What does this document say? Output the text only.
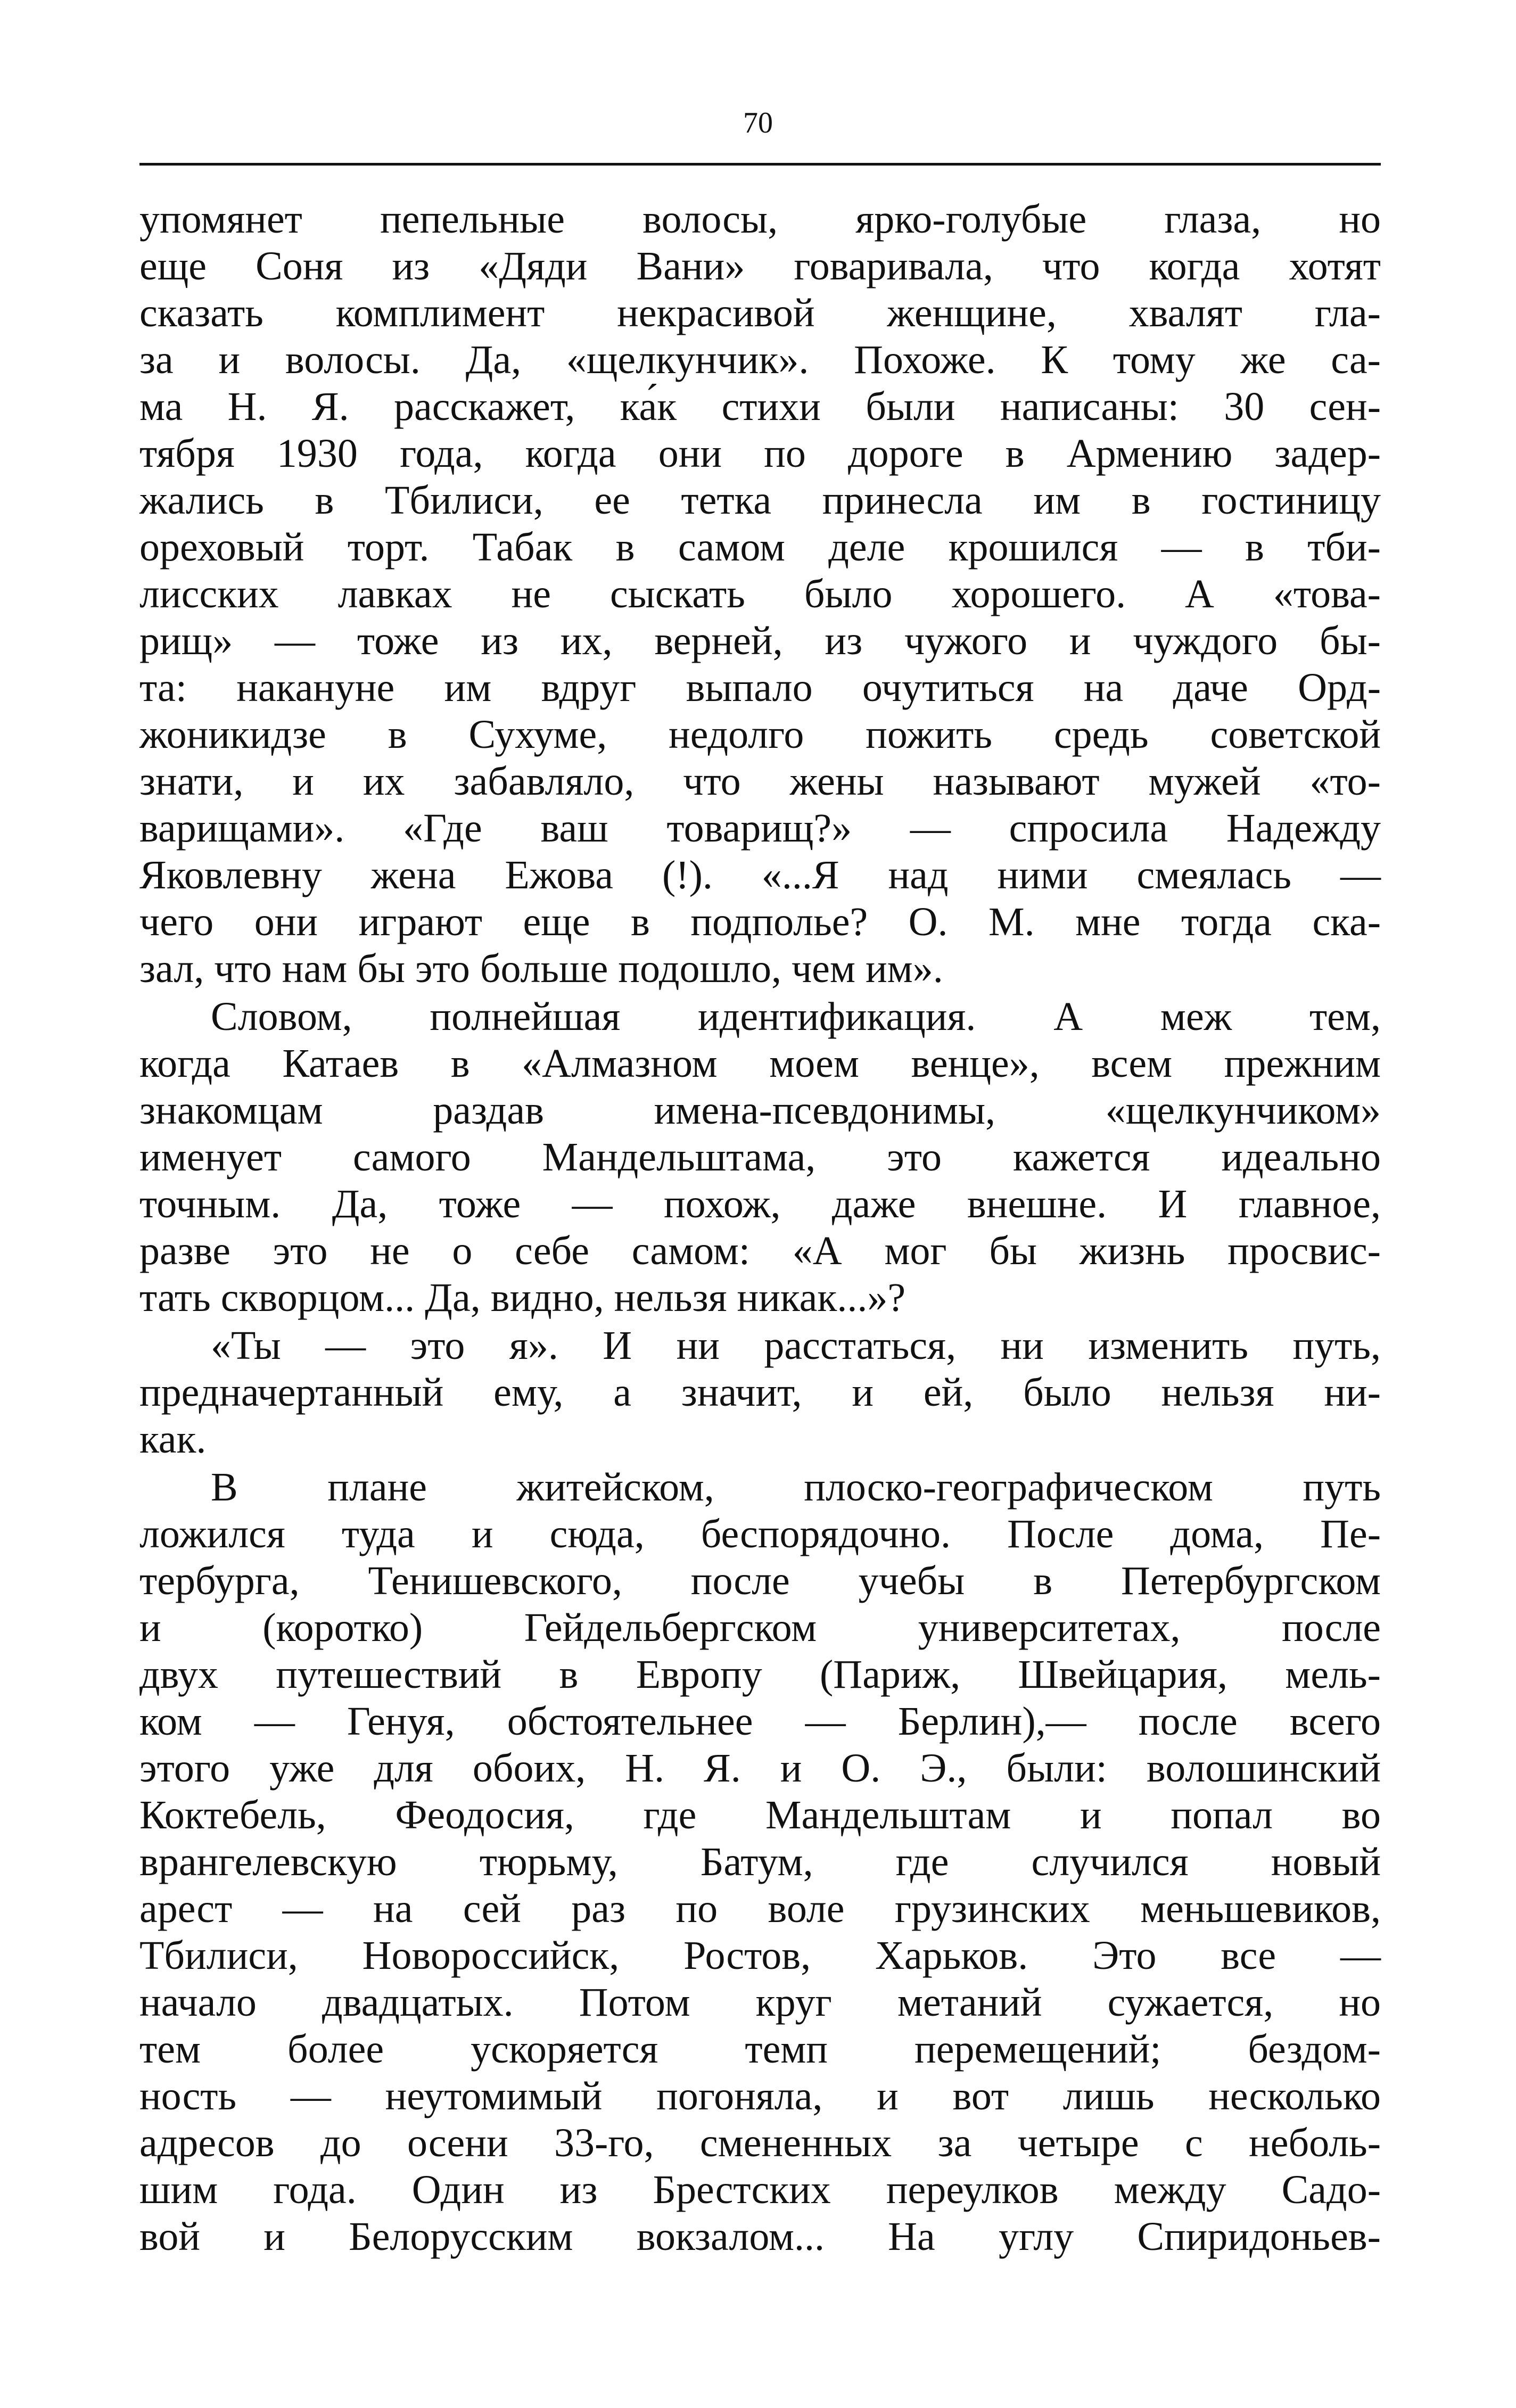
70
упомянет пепельные волосы, ярко-голубые глаза, но
еще Соня из «Дяди Вани» говаривала, что когда хотят
сказать комплимент некрасивой женщине, хвалят гла-
за и волосы. Да, «щелкунчик». Похоже. К тому же са-
ма Н. Я. расскажет, ка́к стихи были написаны: 30 сен-
тября 1930 года, когда они по дороге в Армению задер-
жались в Тбилиси, ее тетка принесла им в гостиницу
ореховый торт. Табак в самом деле крошился — в тби-
лисских лавках не сыскать было хорошего. А «това-
рищ» — тоже из их, верней, из чужого и чуждого бы-
та: накануне им вдруг выпало очутиться на даче Орд-
жоникидзе в Сухуме, недолго пожить средь советской
знати, и их забавляло, что жены называют мужей «то-
варищами». «Где ваш товарищ?» — спросила Надежду
Яковлевну жена Ежова (!). «...Я над ними смеялась —
чего они играют еще в подполье? О. М. мне тогда ска-
зал, что нам бы это больше подошло, чем им».
Словом, полнейшая идентификация. А меж тем,
когда Катаев в «Алмазном моем венце», всем прежним
знакомцам раздав имена-псевдонимы, «щелкунчиком»
именует самого Мандельштама, это кажется идеально
точным. Да, тоже — похож, даже внешне. И главное,
разве это не о себе самом: «А мог бы жизнь просвис-
тать скворцом... Да, видно, нельзя никак...»?
«Ты — это я». И ни расстаться, ни изменить путь,
предначертанный ему, а значит, и ей, было нельзя ни-
как.
В плане житейском, плоско-географическом путь
ложился туда и сюда, беспорядочно. После дома, Пе-
тербурга, Тенишевского, после учебы в Петербургском
и (коротко) Гейдельбергском университетах, после
двух путешествий в Европу (Париж, Швейцария, мель-
ком — Генуя, обстоятельнее — Берлин),— после всего
этого уже для обоих, Н. Я. и О. Э., были: волошинский
Коктебель, Феодосия, где Мандельштам и попал во
врангелевскую тюрьму, Батум, где случился новый
арест — на сей раз по воле грузинских меньшевиков,
Тбилиси, Новороссийск, Ростов, Харьков. Это все —
начало двадцатых. Потом круг метаний сужается, но
тем более ускоряется темп перемещений; бездом-
ность — неутомимый погоняла, и вот лишь несколько
адресов до осени 33-го, смененных за четыре с неболь-
шим года. Один из Брестских переулков между Садо-
вой и Белорусским вокзалом... На углу Спиридоньев-
